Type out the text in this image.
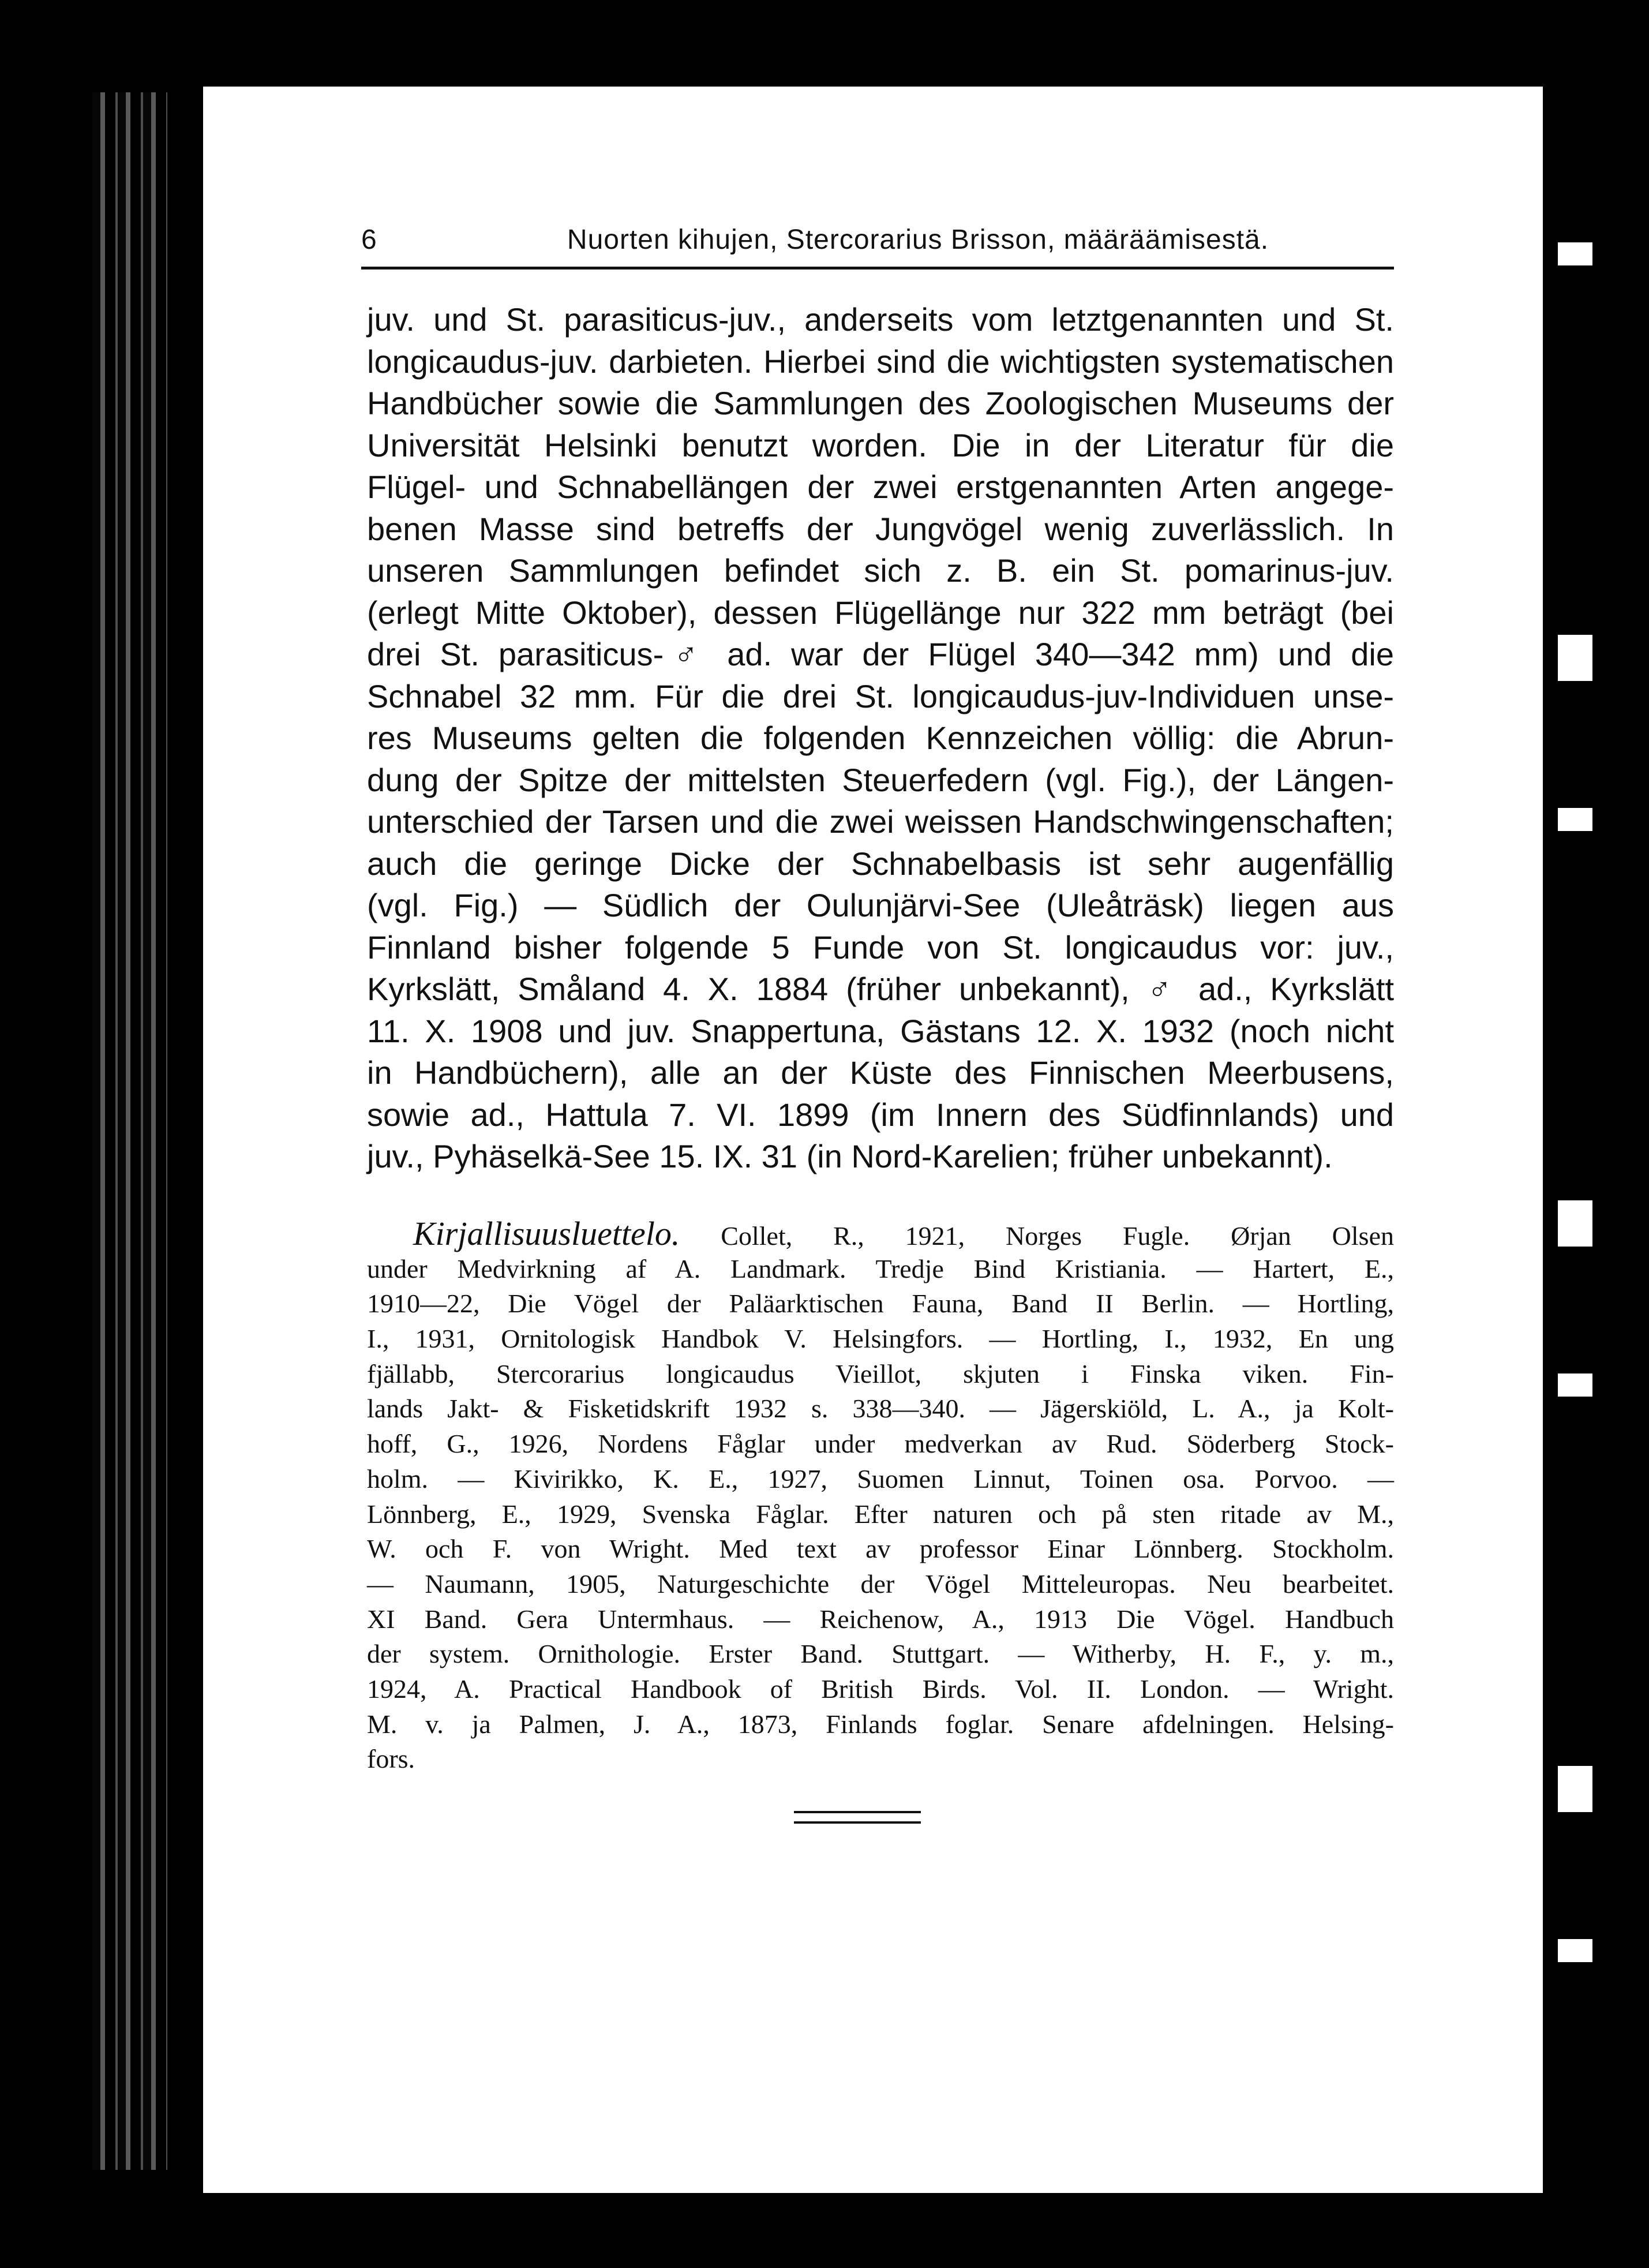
6	Nuorten kihujen, Stercorarius Brisson, määräämisestä.
juv. und St. parasiticus-juv., anderseits vom letztgenannten und St.
longicaudus-juv. darbieten. Hierbei sind die wichtigsten systematischen
Handbücher sowie die Sammlungen des Zoologischen Museums der
Universität Helsinki benutzt worden. Die in der Literatur für die
Flügel- und Schnabellängen der zwei erstgenannten Arten angege-
benen Masse sind betreffs der Jungvögel wenig zuverlässlich. In
unseren Sammlungen befindet sich z. B. ein St. pomarinus-juv.
(erlegt Mitte Oktober), dessen Flügellänge nur 322 mm beträgt (bei
drei St. parasiticus-♂ ad. war der Flügel 340—342 mm) und die
Schnabel 32 mm. Für die drei St. longicaudus-juv-Individuen unse-
res Museums gelten die folgenden Kennzeichen völlig: die Abrun-
dung der Spitze der mittelsten Steuerfedern (vgl. Fig.), der Längen-
unterschied der Tarsen und die zwei weissen Handschwingenschaften;
auch die geringe Dicke der Schnabelbasis ist sehr augenfällig
(vgl. Fig.) — Südlich der Oulunjärvi-See (Uleåträsk) liegen aus
Finnland bisher folgende 5 Funde von St. longicaudus vor: juv.,
Kyrkslätt, Småland 4. X. 1884 (früher unbekannt), ♂ ad., Kyrkslätt
11. X. 1908 und juv. Snappertuna, Gästans 12. X. 1932 (noch nicht
in Handbüchern), alle an der Küste des Finnischen Meerbusens,
sowie ad., Hattula 7. VI. 1899 (im Innern des Südfinnlands) und
juv., Pyhäselkä-See 15. IX. 31 (in Nord-Karelien; früher unbekannt).
Kirjallisuusluettelo. Collet, R., 1921, Norges Fugle. Ørjan Olsen
under Medvirkning af A. Landmark. Tredje Bind Kristiania. — Hartert, E.,
1910—22, Die Vögel der Paläarktischen Fauna, Band II Berlin. — Hortling,
I., 1931, Ornitologisk Handbok V. Helsingfors. — Hortling, I., 1932, En ung
fjällabb, Stercorarius longicaudus Vieillot, skjuten i Finska viken. Fin-
lands Jakt- & Fisketidskrift 1932 s. 338—340. — Jägerskiöld, L. A., ja Kolt-
hoff, G., 1926, Nordens Fåglar under medverkan av Rud. Söderberg Stock-
holm. — Kivirikko, K. E., 1927, Suomen Linnut, Toinen osa. Porvoo. —
Lönnberg, E., 1929, Svenska Fåglar. Efter naturen och på sten ritade av M.,
W. och F. von Wright. Med text av professor Einar Lönnberg. Stockholm.
— Naumann, 1905, Naturgeschichte der Vögel Mitteleuropas. Neu bearbeitet.
XI Band. Gera Untermhaus. — Reichenow, A., 1913 Die Vögel. Handbuch
der system. Ornithologie. Erster Band. Stuttgart. — Witherby, H. F., y. m.,
1924, A. Practical Handbook of British Birds. Vol. II. London. — Wright.
M. v. ja Palmen, J. A., 1873, Finlands foglar. Senare afdelningen. Helsing-
fors.
